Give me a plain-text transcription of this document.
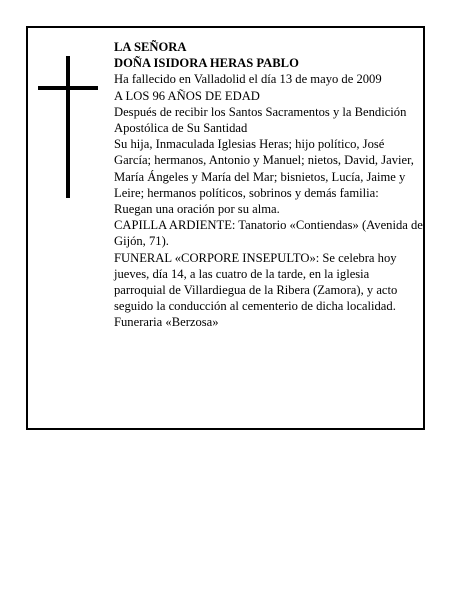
LA SEÑORA

DOÑA ISIDORA HERAS PABLO

Ha fallecido en Valladolid el día 13 de mayo de 2009

A LOS 96 AÑOS DE EDAD

Después de recibir los Santos Sacramentos y la Bendición Apostólica de Su Santidad

Su hija, Inmaculada Iglesias Heras; hijo político, José García; hermanos, Antonio y Manuel; nietos, David, Javier, María Ángeles y María del Mar; bisnietos, Lucía, Jaime y Leire; hermanos políticos, sobrinos y demás familia:

Ruegan una oración por su alma.

CAPILLA ARDIENTE: Tanatorio «Contiendas» (Avenida de Gijón, 71).

FUNERAL «CORPORE INSEPULTO»: Se celebra hoy jueves, día 14, a las cuatro de la tarde, en la iglesia parroquial de Villardiegua de la Ribera (Zamora), y acto seguido la conducción al cementerio de dicha localidad.

Funeraria «Berzosa»
